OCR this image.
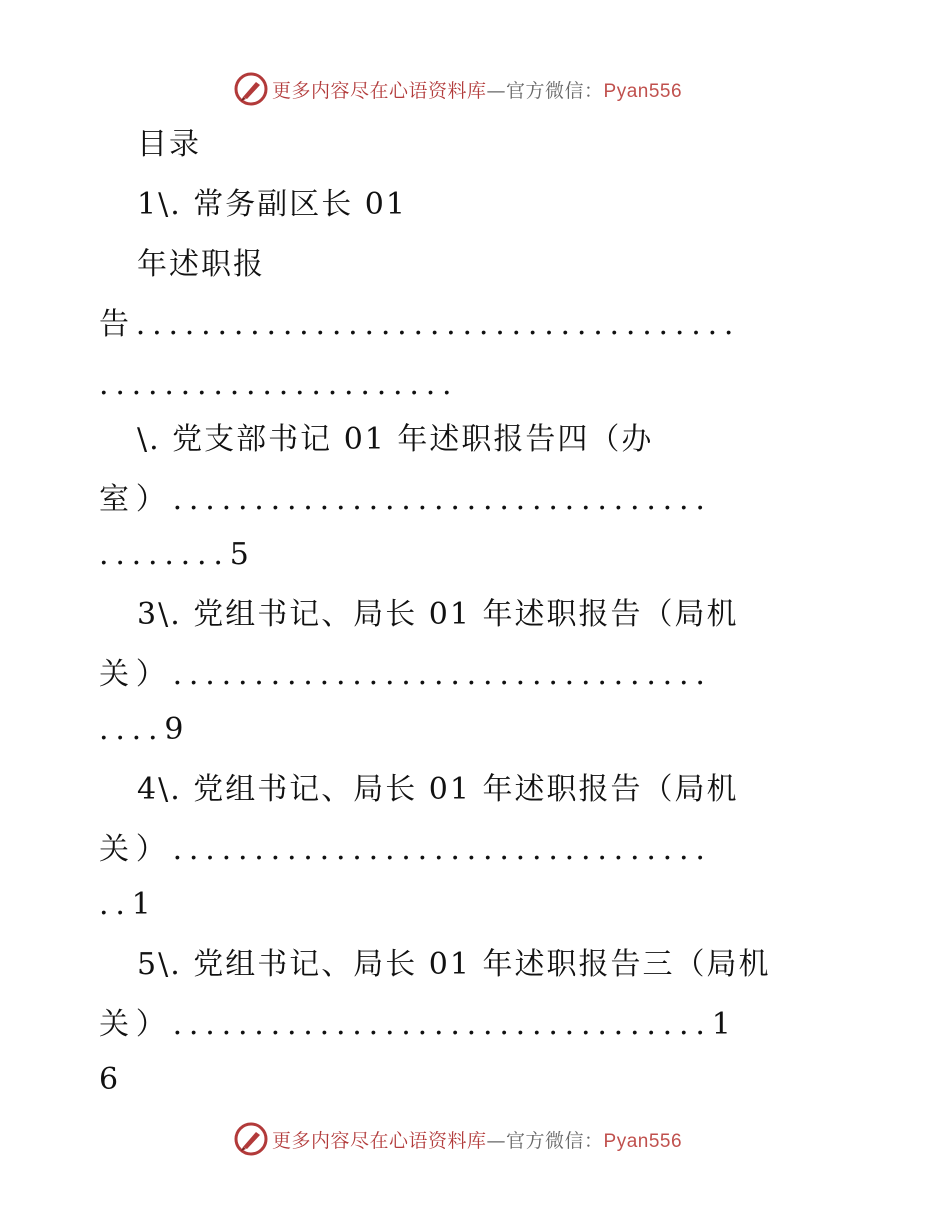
更多内容尽在心语资料库—官方微信：Pyan556
目录
1\. 常务副区长 01
年述职报
告.....................................
......................
\. 党支部书记 01 年述职报告四（办
室）.................................
........5
3\. 党组书记、局长 01 年述职报告（局机
关）.................................
....9
4\. 党组书记、局长 01 年述职报告（局机
关）.................................
..1
5\. 党组书记、局长 01 年述职报告三（局机
关）.................................1
6
更多内容尽在心语资料库—官方微信：Pyan556
